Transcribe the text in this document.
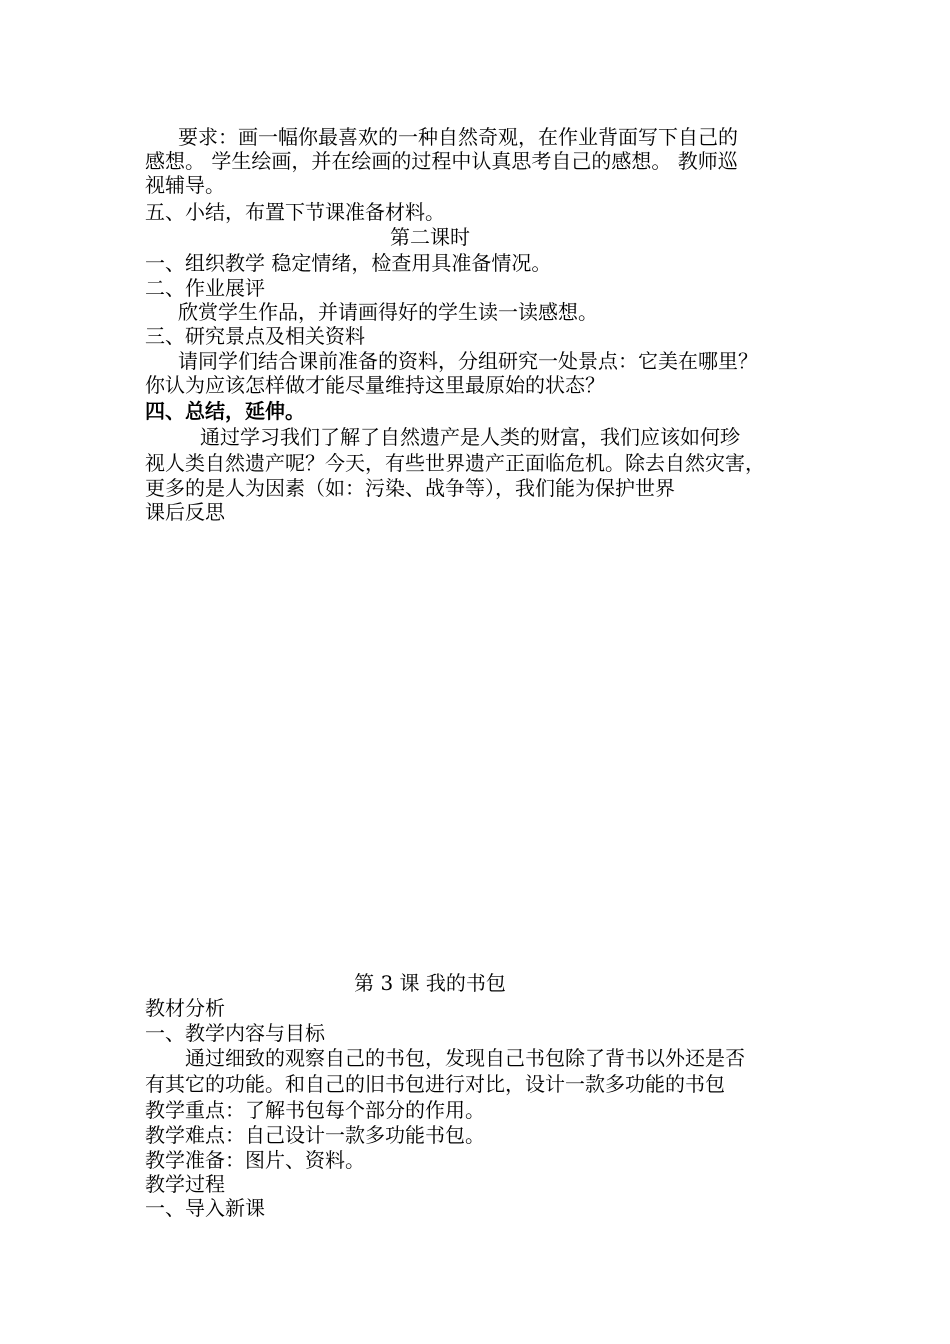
要求：画一幅你最喜欢的一种自然奇观，在作业背面写下自己的
感想。 学生绘画，并在绘画的过程中认真思考自己的感想。 教师巡
视辅导。
五、小结，布置下节课准备材料。
第二课时
一、组织教学 稳定情绪，检查用具准备情况。
二、作业展评
欣赏学生作品，并请画得好的学生读一读感想。
三、研究景点及相关资料
请同学们结合课前准备的资料，分组研究一处景点：它美在哪里？
你认为应该怎样做才能尽量维持这里最原始的状态？
四、总结，延伸。
通过学习我们了解了自然遗产是人类的财富，我们应该如何珍
视人类自然遗产呢？今天，有些世界遗产正面临危机。除去自然灾害，
更多的是人为因素（如：污染、战争等），我们能为保护世界
课后反思
第 3 课 我的书包
教材分析
一、教学内容与目标
通过细致的观察自己的书包，发现自己书包除了背书以外还是否
有其它的功能。和自己的旧书包进行对比，设计一款多功能的书包
教学重点：了解书包每个部分的作用。
教学难点：自己设计一款多功能书包。
教学准备：图片、资料。
教学过程
一、导入新课
